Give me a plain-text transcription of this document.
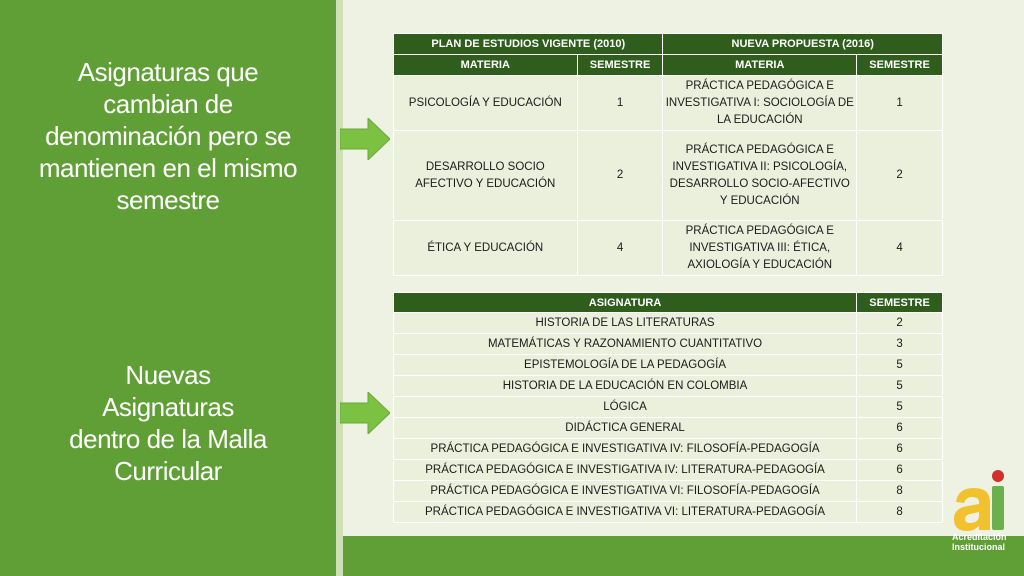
Asignaturas que
cambian de
denominación pero se
mantienen en el mismo
semestre
Nuevas
Asignaturas
dentro de la Malla
Curricular
PLAN DE ESTUDIOS VIGENTE (2010)		NUEVA PROPUESTA (2016)	
MATERIA	SEMESTRE	MATERIA	SEMESTRE
PSICOLOGÍA Y EDUCACIÓN	1	PRÁCTICA PEDAGÓGICA E INVESTIGATIVA I: SOCIOLOGÍA DE LA EDUCACIÓN	1
DESARROLLO SOCIO AFECTIVO Y EDUCACIÓN	2	PRÁCTICA PEDAGÓGICA E INVESTIGATIVA II: PSICOLOGÍA, DESARROLLO SOCIO-AFECTIVO Y EDUCACIÓN	2
ÉTICA Y EDUCACIÓN	4	PRÁCTICA PEDAGÓGICA E INVESTIGATIVA III: ÉTICA, AXIOLOGÍA Y EDUCACIÓN	4
ASIGNATURA	SEMESTRE
HISTORIA DE LAS LITERATURAS	2
MATEMÁTICAS Y RAZONAMIENTO CUANTITATIVO	3
EPISTEMOLOGÍA DE LA PEDAGOGÍA	5
HISTORIA DE LA EDUCACIÓN EN COLOMBIA	5
LÓGICA	5
DIDÁCTICA GENERAL	6
PRÁCTICA PEDAGÓGICA E INVESTIGATIVA IV: FILOSOFÍA-PEDAGOGÍA	6
PRÁCTICA PEDAGÓGICA E INVESTIGATIVA IV: LITERATURA-PEDAGOGÍA	6
PRÁCTICA PEDAGÓGICA E INVESTIGATIVA VI: FILOSOFÍA-PEDAGOGÍA	8
PRÁCTICA PEDAGÓGICA E INVESTIGATIVA VI: LITERATURA-PEDAGOGÍA	8
Acreditación
Institucional
